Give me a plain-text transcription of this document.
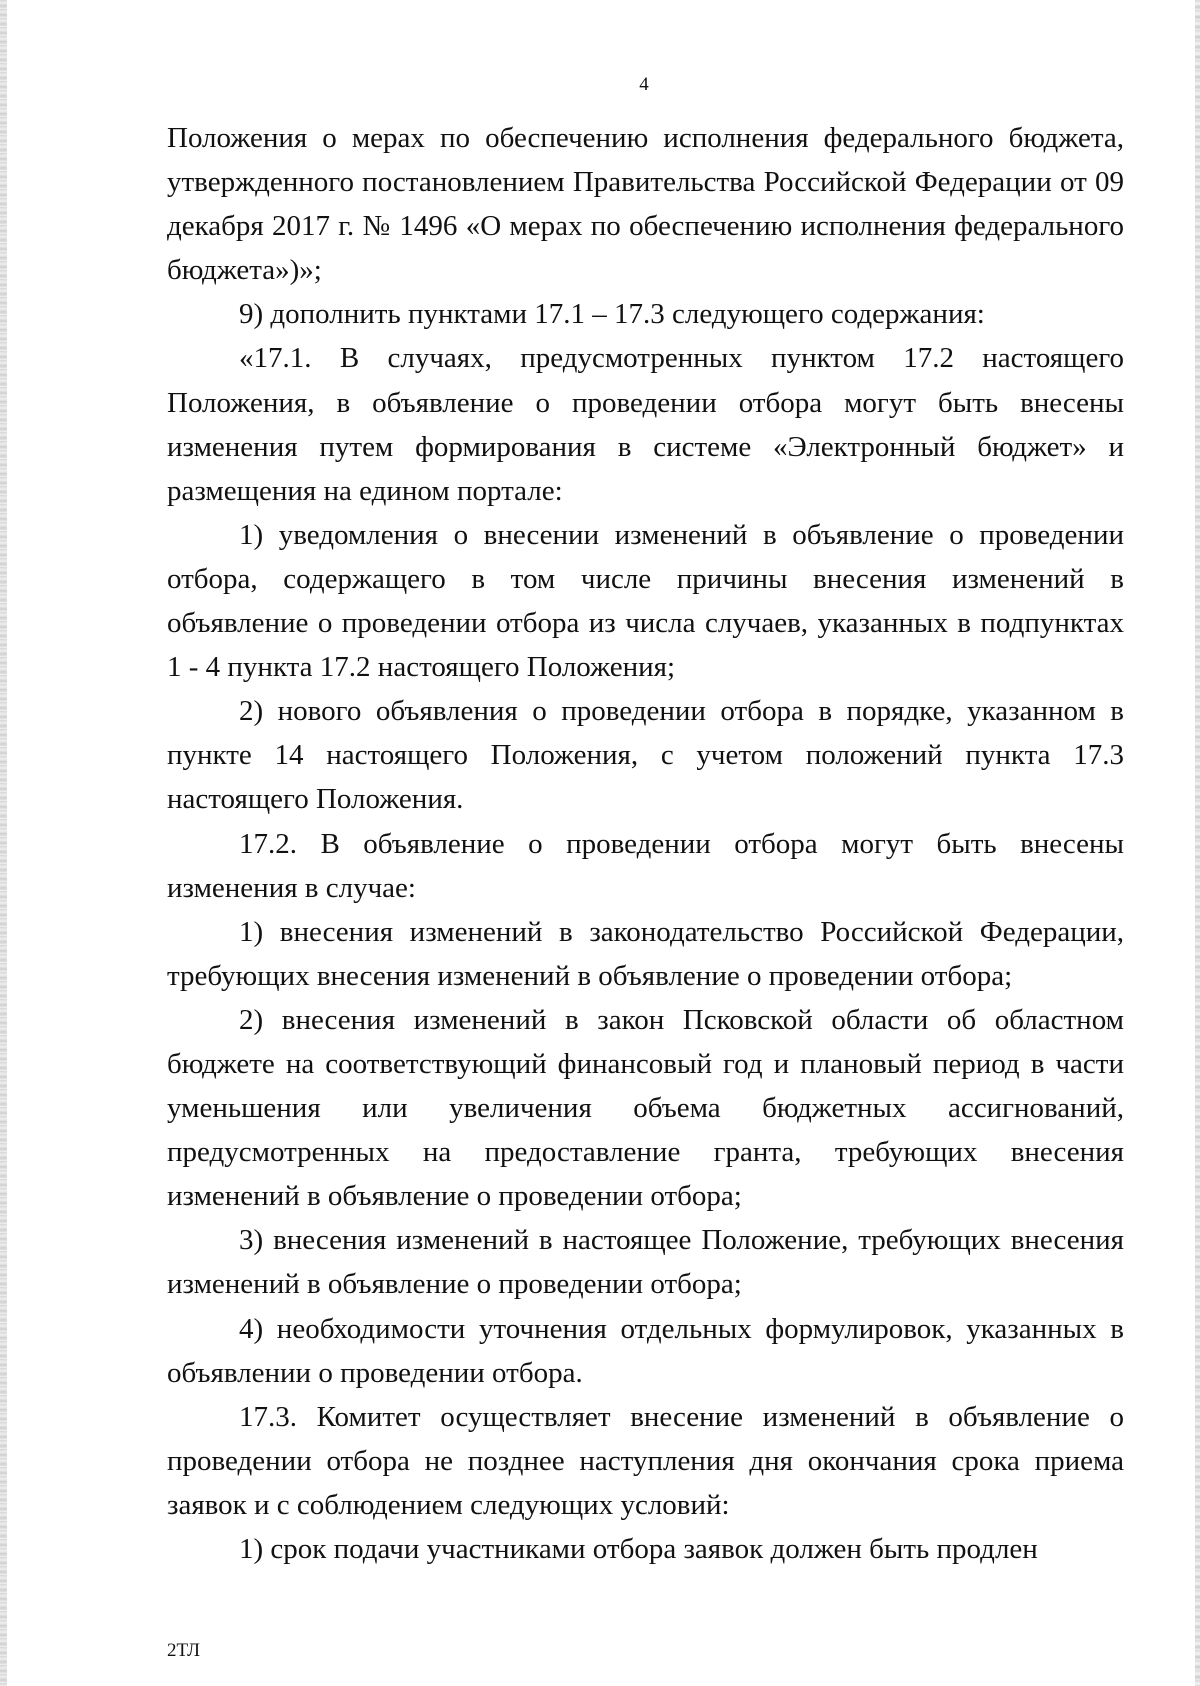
4

Положения о мерах по обеспечению исполнения федерального бюджета, утвержденного постановлением Правительства Российской Федерации от 09 декабря 2017 г. № 1496 «О мерах по обеспечению исполнения федерального бюджета»)»;

9) дополнить пунктами 17.1 – 17.3 следующего содержания:

«17.1. В случаях, предусмотренных пунктом 17.2 настоящего Положения, в объявление о проведении отбора могут быть внесены изменения путем формирования в системе «Электронный бюджет» и размещения на едином портале:

1) уведомления о внесении изменений в объявление о проведении отбора, содержащего в том числе причины внесения изменений в объявление о проведении отбора из числа случаев, указанных в подпунктах 1 - 4 пункта 17.2 настоящего Положения;

2) нового объявления о проведении отбора в порядке, указанном в пункте 14 настоящего Положения, с учетом положений пункта 17.3 настоящего Положения.

17.2. В объявление о проведении отбора могут быть внесены изменения в случае:

1) внесения изменений в законодательство Российской Федерации, требующих внесения изменений в объявление о проведении отбора;

2) внесения изменений в закон Псковской области об областном бюджете на соответствующий финансовый год и плановый период в части уменьшения или увеличения объема бюджетных ассигнований, предусмотренных на предоставление гранта, требующих внесения изменений в объявление о проведении отбора;

3) внесения изменений в настоящее Положение, требующих внесения изменений в объявление о проведении отбора;

4) необходимости уточнения отдельных формулировок, указанных в объявлении о проведении отбора.

17.3. Комитет осуществляет внесение изменений в объявление о проведении отбора не позднее наступления дня окончания срока приема заявок и с соблюдением следующих условий:

1) срок подачи участниками отбора заявок должен быть продлен

2ТЛ
